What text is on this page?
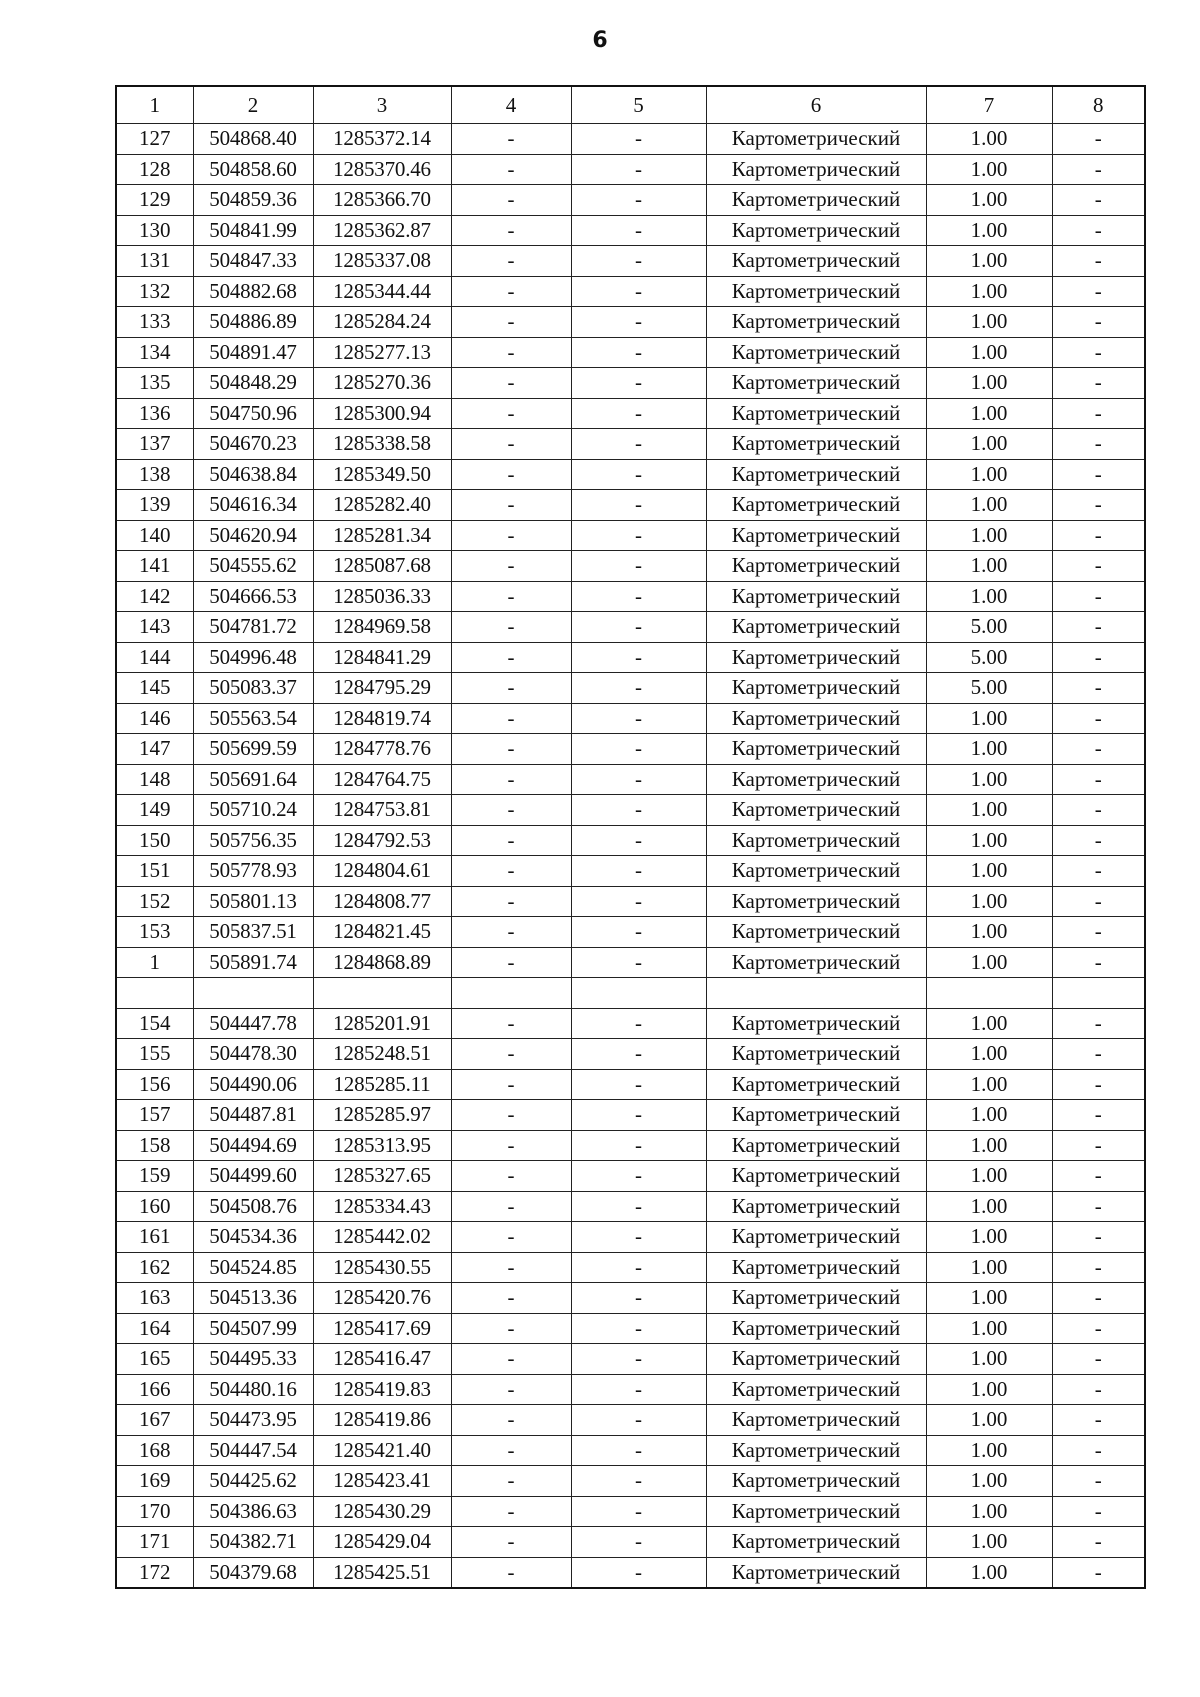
6
1	2	3	4	5	6	7	8
127	504868.40	1285372.14	-	-	Картометрический	1.00	-
128	504858.60	1285370.46	-	-	Картометрический	1.00	-
129	504859.36	1285366.70	-	-	Картометрический	1.00	-
130	504841.99	1285362.87	-	-	Картометрический	1.00	-
131	504847.33	1285337.08	-	-	Картометрический	1.00	-
132	504882.68	1285344.44	-	-	Картометрический	1.00	-
133	504886.89	1285284.24	-	-	Картометрический	1.00	-
134	504891.47	1285277.13	-	-	Картометрический	1.00	-
135	504848.29	1285270.36	-	-	Картометрический	1.00	-
136	504750.96	1285300.94	-	-	Картометрический	1.00	-
137	504670.23	1285338.58	-	-	Картометрический	1.00	-
138	504638.84	1285349.50	-	-	Картометрический	1.00	-
139	504616.34	1285282.40	-	-	Картометрический	1.00	-
140	504620.94	1285281.34	-	-	Картометрический	1.00	-
141	504555.62	1285087.68	-	-	Картометрический	1.00	-
142	504666.53	1285036.33	-	-	Картометрический	1.00	-
143	504781.72	1284969.58	-	-	Картометрический	5.00	-
144	504996.48	1284841.29	-	-	Картометрический	5.00	-
145	505083.37	1284795.29	-	-	Картометрический	5.00	-
146	505563.54	1284819.74	-	-	Картометрический	1.00	-
147	505699.59	1284778.76	-	-	Картометрический	1.00	-
148	505691.64	1284764.75	-	-	Картометрический	1.00	-
149	505710.24	1284753.81	-	-	Картометрический	1.00	-
150	505756.35	1284792.53	-	-	Картометрический	1.00	-
151	505778.93	1284804.61	-	-	Картометрический	1.00	-
152	505801.13	1284808.77	-	-	Картометрический	1.00	-
153	505837.51	1284821.45	-	-	Картометрический	1.00	-
1	505891.74	1284868.89	-	-	Картометрический	1.00	-

154	504447.78	1285201.91	-	-	Картометрический	1.00	-
155	504478.30	1285248.51	-	-	Картометрический	1.00	-
156	504490.06	1285285.11	-	-	Картометрический	1.00	-
157	504487.81	1285285.97	-	-	Картометрический	1.00	-
158	504494.69	1285313.95	-	-	Картометрический	1.00	-
159	504499.60	1285327.65	-	-	Картометрический	1.00	-
160	504508.76	1285334.43	-	-	Картометрический	1.00	-
161	504534.36	1285442.02	-	-	Картометрический	1.00	-
162	504524.85	1285430.55	-	-	Картометрический	1.00	-
163	504513.36	1285420.76	-	-	Картометрический	1.00	-
164	504507.99	1285417.69	-	-	Картометрический	1.00	-
165	504495.33	1285416.47	-	-	Картометрический	1.00	-
166	504480.16	1285419.83	-	-	Картометрический	1.00	-
167	504473.95	1285419.86	-	-	Картометрический	1.00	-
168	504447.54	1285421.40	-	-	Картометрический	1.00	-
169	504425.62	1285423.41	-	-	Картометрический	1.00	-
170	504386.63	1285430.29	-	-	Картометрический	1.00	-
171	504382.71	1285429.04	-	-	Картометрический	1.00	-
172	504379.68	1285425.51	-	-	Картометрический	1.00	-
